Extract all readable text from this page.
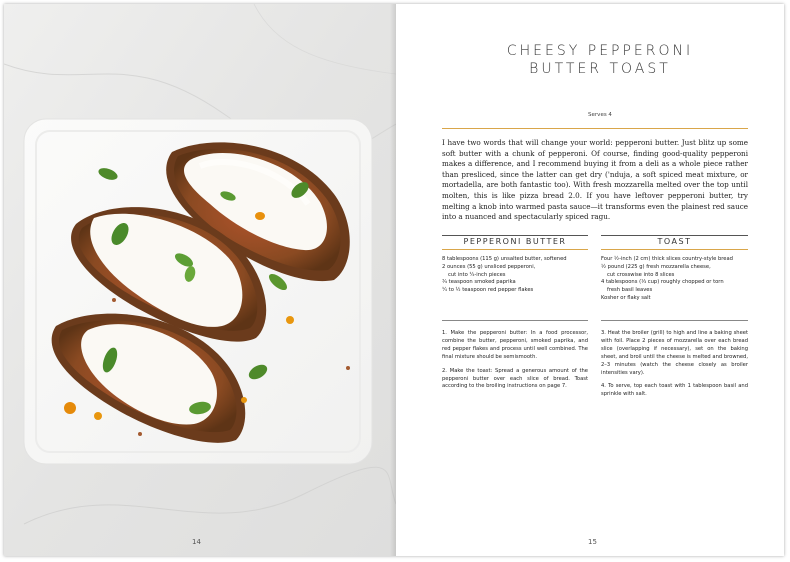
14
CHEESY PEPPERONI
BUTTER TOAST
Serves 4

I have two words that will change your world: pepperoni butter. Just blitz up some soft butter with a chunk of pepperoni. Of course, finding good-quality pepperoni makes a difference, and I recommend buying it from a deli as a whole piece rather than presliced, since the latter can get dry ('nduja, a soft spiced meat mixture, or mortadella, are both fantastic too). With fresh mozzarella melted over the top until molten, this is like pizza bread 2.0. If you have leftover pepperoni butter, try melting a knob into warmed pasta sauce—it transforms even the plainest red sauce into a nuanced and spectacularly spiced ragu.

PEPPERONI BUTTER
8 tablespoons (115 g) unsalted butter, softened
2 ounces (55 g) unsliced pepperoni,
cut into ¼-inch pieces
¾ teaspoon smoked paprika
¼ to ½ teaspoon red pepper flakes
TOAST
Four ½-inch (2 cm) thick slices country-style bread
½ pound (225 g) fresh mozzarella cheese,
cut crosswise into 8 slices
4 tablespoons (⅓ cup) roughly chopped or torn
fresh basil leaves
Kosher or flaky salt

1. Make the pepperoni butter: In a food processor, combine the butter, pepperoni, smoked paprika, and red pepper flakes and process until well combined. The final mixture should be semismooth.

2. Make the toast: Spread a generous amount of the pepperoni butter over each slice of bread. Toast according to the broiling instructions on page 7.

3. Heat the broiler (grill) to high and line a baking sheet with foil. Place 2 pieces of mozzarella over each bread slice (overlapping if necessary), set on the baking sheet, and broil until the cheese is melted and browned, 2–3 minutes (watch the cheese closely as broiler intensities vary).

4. To serve, top each toast with 1 tablespoon basil and sprinkle with salt.

15
